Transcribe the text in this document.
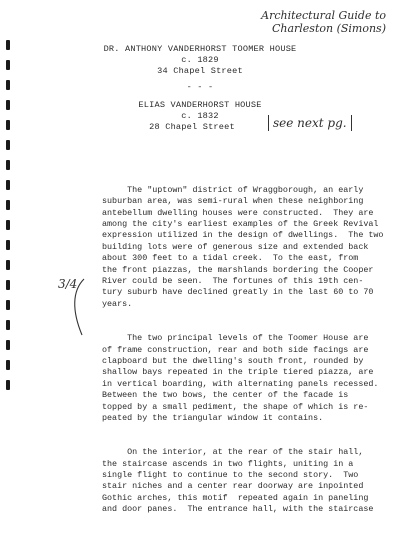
Architectural Guide to
Charleston (Simons)
DR. ANTHONY VANDERHORST TOOMER HOUSE
c. 1829
34 Chapel Street
- - -
ELIAS VANDERHORST HOUSE
c. 1832
28 Chapel Street	see next pg.
3/4

The "uptown" district of Wraggborough, an early
suburban area, was semi-rural when these neighboring
antebellum dwelling houses were constructed.  They are
among the city's earliest examples of the Greek Revival
expression utilized in the design of dwellings.  The two
building lots were of generous size and extended back
about 300 feet to a tidal creek.  To the east, from
the front piazzas, the marshlands bordering the Cooper
River could be seen.  The fortunes of this 19th cen-
tury suburb have declined greatly in the last 60 to 70
years.

The two principal levels of the Toomer House are
of frame construction, rear and both side facings are
clapboard but the dwelling's south front, rounded by
shallow bays repeated in the triple tiered piazza, are
in vertical boarding, with alternating panels recessed.
Between the two bows, the center of the facade is
topped by a small pediment, the shape of which is re-
peated by the triangular window it contains.

On the interior, at the rear of the stair hall,
the staircase ascends in two flights, uniting in a
single flight to continue to the second story.  Two
stair niches and a center rear doorway are inpointed
Gothic arches, this motif  repeated again in paneling
and door panes.  The entrance hall, with the staircase
